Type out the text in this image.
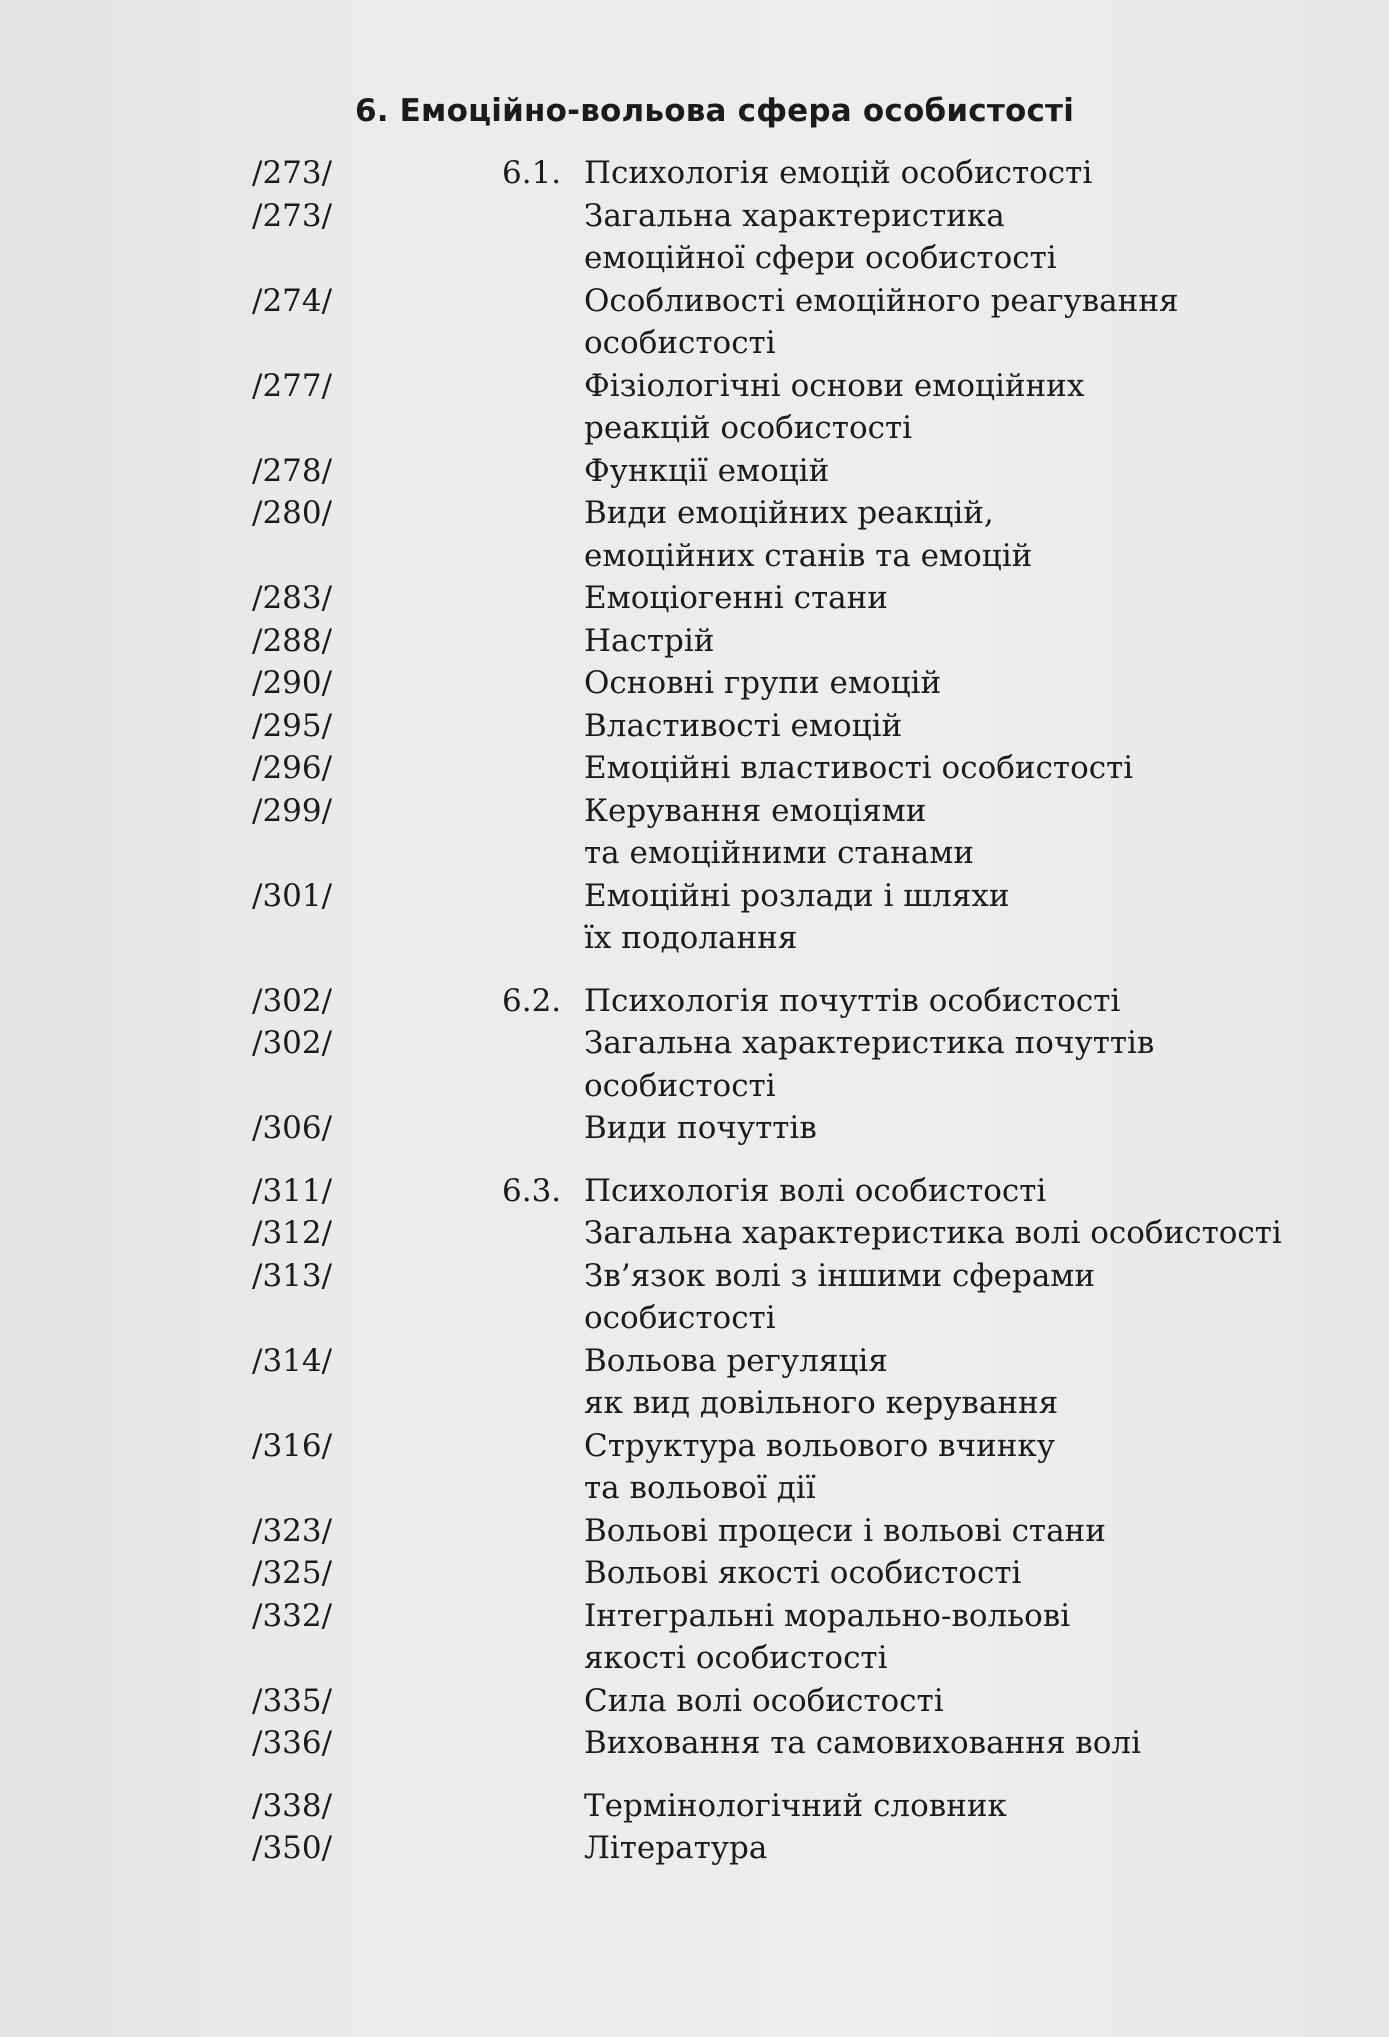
6. Емоційно-вольова сфера особистості
/273/	6.1. Психологія емоцій особистості
/273/	Загальна характеристика
емоційної сфери особистості
/274/	Особливості емоційного реагування
особистості
/277/	Фізіологічні основи емоційних
реакцій особистості
/278/	Функції емоцій
/280/	Види емоційних реакцій,
емоційних станів та емоцій
/283/	Емоціогенні стани
/288/	Настрій
/290/	Основні групи емоцій
/295/	Властивості емоцій
/296/	Емоційні властивості особистості
/299/	Керування емоціями
та емоційними станами
/301/	Емоційні розлади і шляхи
їх подолання
/302/	6.2. Психологія почуттів особистості
/302/	Загальна характеристика почуттів
особистості
/306/	Види почуттів
/311/	6.3. Психологія волі особистості
/312/	Загальна характеристика волі особистості
/313/	Зв’язок волі з іншими сферами
особистості
/314/	Вольова регуляція
як вид довільного керування
/316/	Структура вольового вчинку
та вольової дії
/323/	Вольові процеси і вольові стани
/325/	Вольові якості особистості
/332/	Інтегральні морально-вольові
якості особистості
/335/	Сила волі особистості
/336/	Виховання та самовиховання волі
/338/	Термінологічний словник
/350/	Література
